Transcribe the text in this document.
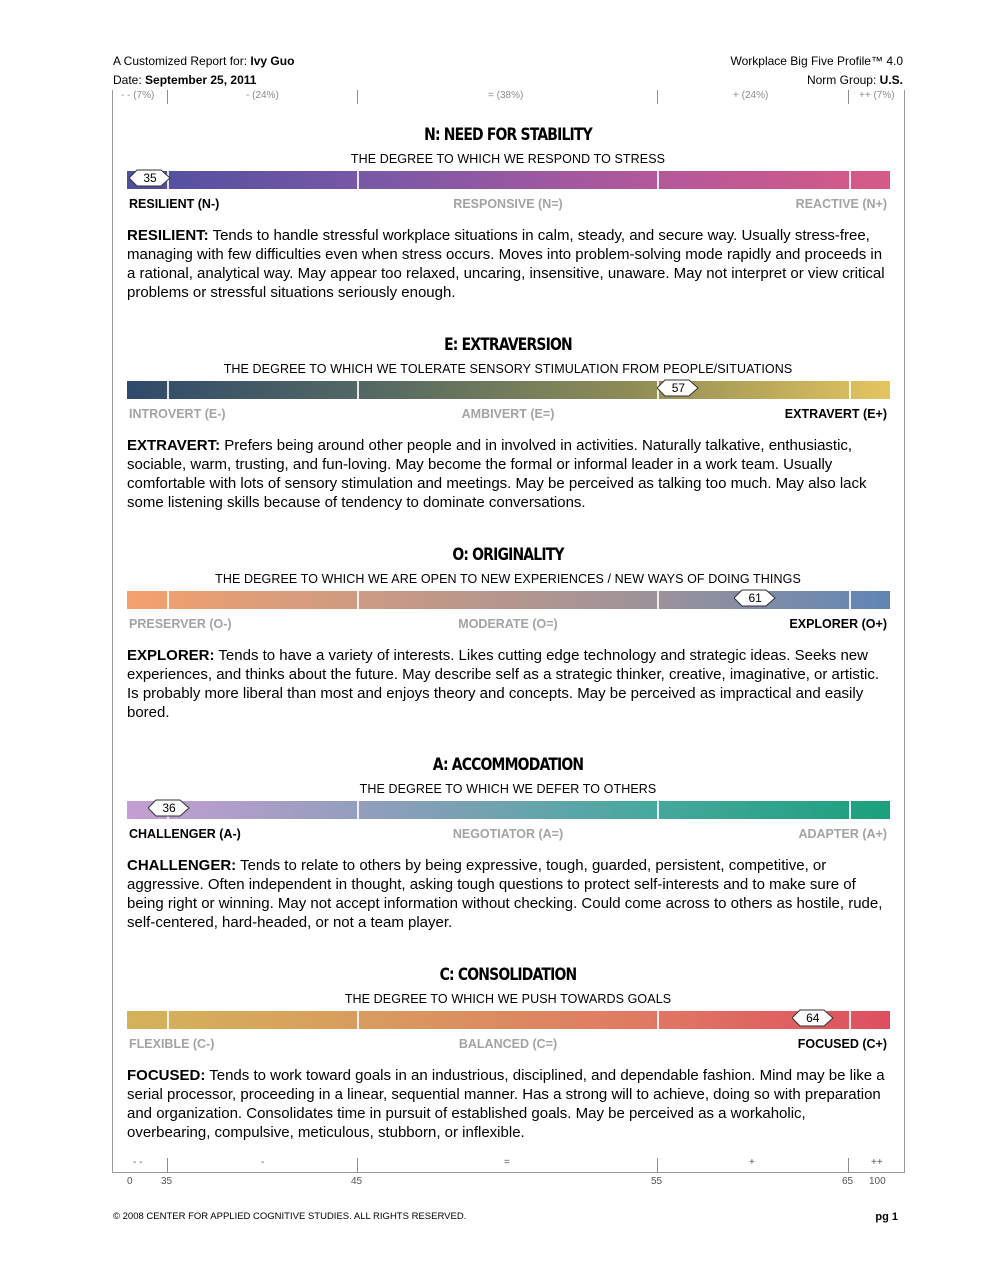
A Customized Report for: Ivy Guo
Date: September 25, 2011
Workplace Big Five Profile™ 4.0
Norm Group: U.S.
- - (7%)	- (24%)	= (38%)	+ (24%)	++ (7%)
N: NEED FOR STABILITY
THE DEGREE TO WHICH WE RESPOND TO STRESS
35
RESILIENT (N-)	RESPONSIVE (N=)	REACTIVE (N+)
RESILIENT: Tends to handle stressful workplace situations in calm, steady, and secure way. Usually stress-free, managing with few difficulties even when stress occurs. Moves into problem-solving mode rapidly and proceeds in a rational, analytical way. May appear too relaxed, uncaring, insensitive, unaware. May not interpret or view critical problems or stressful situations seriously enough.
E: EXTRAVERSION
THE DEGREE TO WHICH WE TOLERATE SENSORY STIMULATION FROM PEOPLE/SITUATIONS
57
INTROVERT (E-)	AMBIVERT (E=)	EXTRAVERT (E+)
EXTRAVERT: Prefers being around other people and in involved in activities. Naturally talkative, enthusiastic, sociable, warm, trusting, and fun-loving. May become the formal or informal leader in a work team. Usually comfortable with lots of sensory stimulation and meetings. May be perceived as talking too much. May also lack some listening skills because of tendency to dominate conversations.
O: ORIGINALITY
THE DEGREE TO WHICH WE ARE OPEN TO NEW EXPERIENCES / NEW WAYS OF DOING THINGS
61
PRESERVER (O-)	MODERATE (O=)	EXPLORER (O+)
EXPLORER: Tends to have a variety of interests. Likes cutting edge technology and strategic ideas. Seeks new experiences, and thinks about the future. May describe self as a strategic thinker, creative, imaginative, or artistic. Is probably more liberal than most and enjoys theory and concepts. May be perceived as impractical and easily bored.
A: ACCOMMODATION
THE DEGREE TO WHICH WE DEFER TO OTHERS
36
CHALLENGER (A-)	NEGOTIATOR (A=)	ADAPTER (A+)
CHALLENGER: Tends to relate to others by being expressive, tough, guarded, persistent, competitive, or aggressive. Often independent in thought, asking tough questions to protect self-interests and to make sure of being right or winning. May not accept information without checking. Could come across to others as hostile, rude, self-centered, hard-headed, or not a team player.
C: CONSOLIDATION
THE DEGREE TO WHICH WE PUSH TOWARDS GOALS
64
FLEXIBLE (C-)	BALANCED (C=)	FOCUSED (C+)
FOCUSED: Tends to work toward goals in an industrious, disciplined, and dependable fashion. Mind may be like a serial processor, proceeding in a linear, sequential manner. Has a strong will to achieve, doing so with preparation and organization. Consolidates time in pursuit of established goals. May be perceived as a workaholic, overbearing, compulsive, meticulous, stubborn, or inflexible.
- -	-	=	+	++
0	35	45	55	65 100
© 2008 CENTER FOR APPLIED COGNITIVE STUDIES. ALL RIGHTS RESERVED.	pg 1
